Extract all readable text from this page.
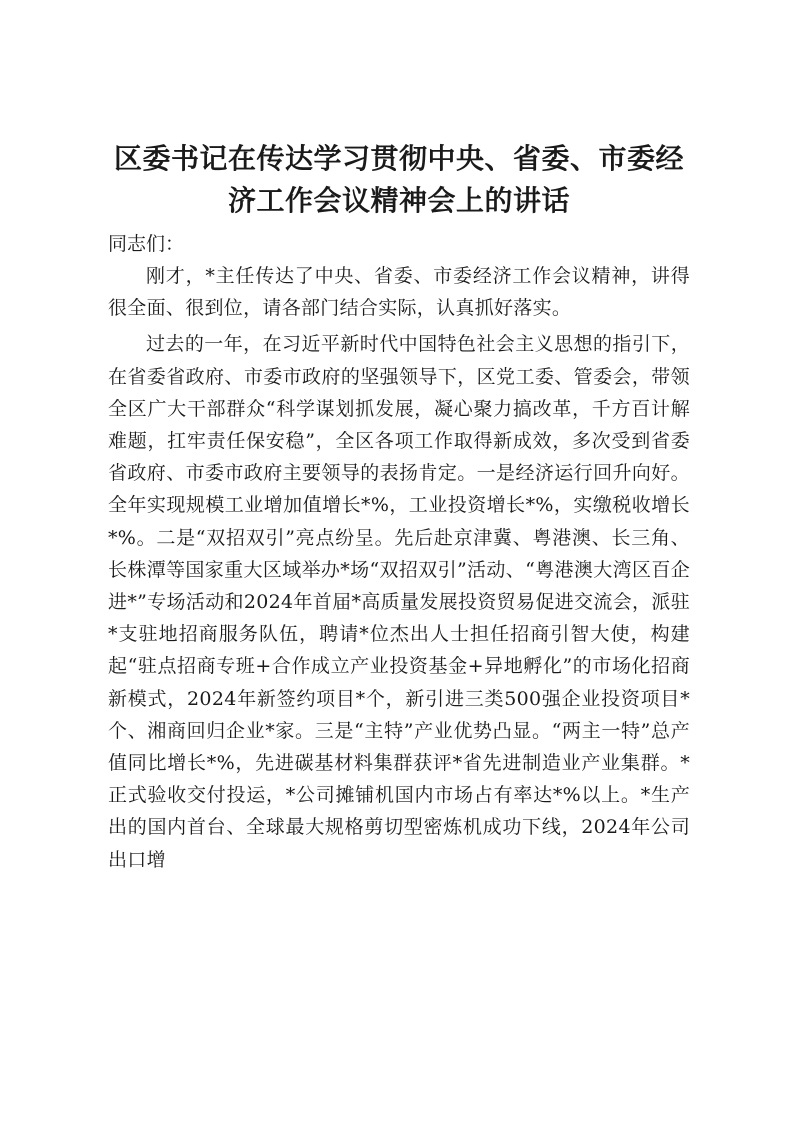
区委书记在传达学习贯彻中央、省委、市委经济工作会议精神会上的讲话

同志们：

刚才，*主任传达了中央、省委、市委经济工作会议精神，讲得很全面、很到位，请各部门结合实际，认真抓好落实。

过去的一年，在习近平新时代中国特色社会主义思想的指引下，在省委省政府、市委市政府的坚强领导下，区党工委、管委会，带领全区广大干部群众“科学谋划抓发展，凝心聚力搞改革，千方百计解难题，扛牢责任保安稳”，全区各项工作取得新成效，多次受到省委省政府、市委市政府主要领导的表扬肯定。一是经济运行回升向好。全年实现规模工业增加值增长*%，工业投资增长*%，实缴税收增长*%。二是“双招双引”亮点纷呈。先后赴京津冀、粤港澳、长三角、长株潭等国家重大区域举办*场“双招双引”活动、“粤港澳大湾区百企进*”专场活动和2024年首届*高质量发展投资贸易促进交流会，派驻*支驻地招商服务队伍，聘请*位杰出人士担任招商引智大使，构建起“驻点招商专班+合作成立产业投资基金+异地孵化”的市场化招商新模式，2024年新签约项目*个，新引进三类500强企业投资项目*个、湘商回归企业*家。三是“主特”产业优势凸显。“两主一特”总产值同比增长*%，先进碳基材料集群获评*省先进制造业产业集群。*正式验收交付投运，*公司摊铺机国内市场占有率达*%以上。*生产出的国内首台、全球最大规格剪切型密炼机成功下线，2024年公司出口增
